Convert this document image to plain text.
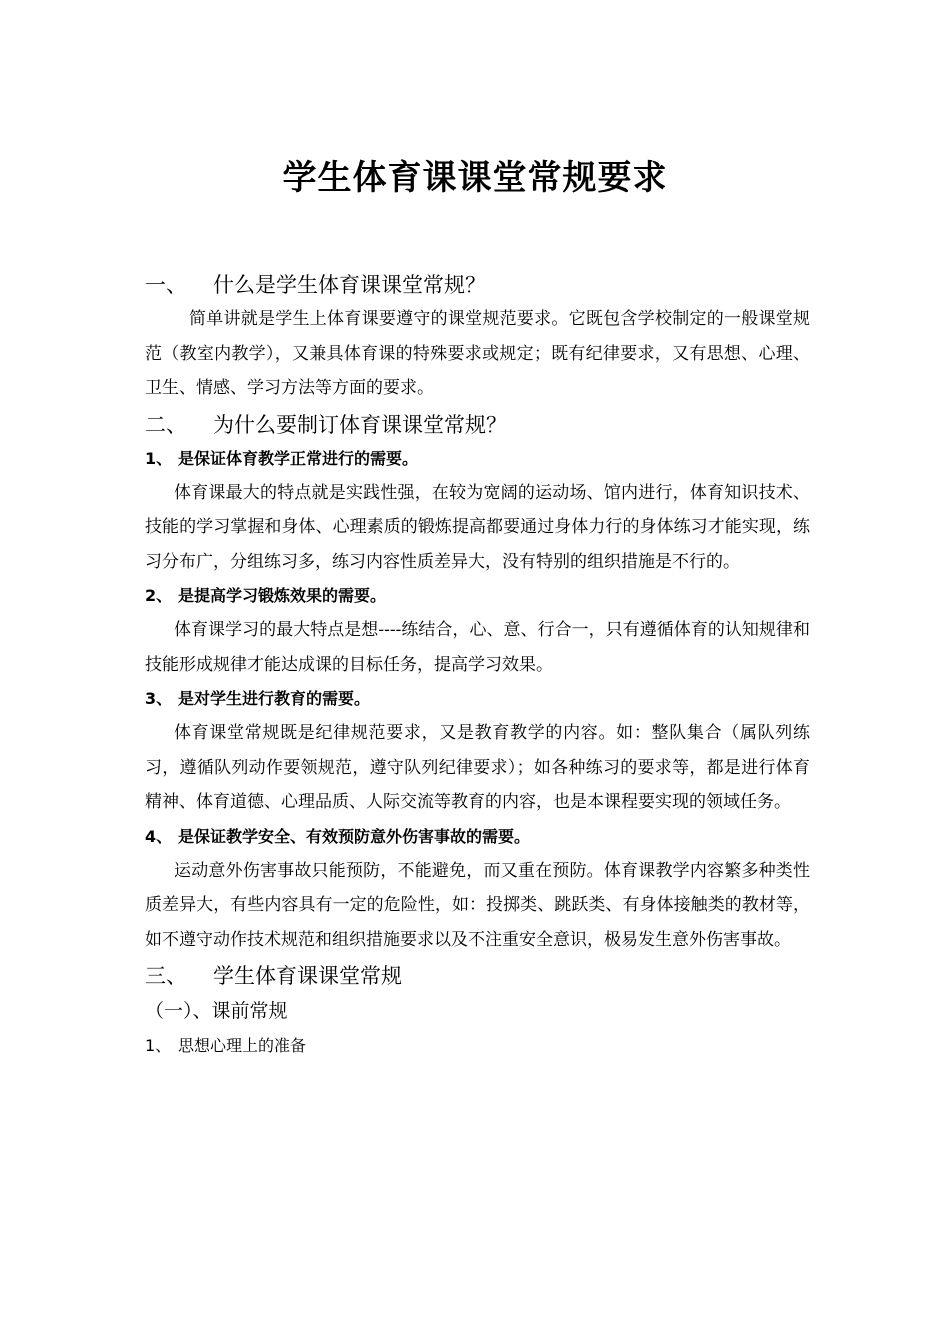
学生体育课课堂常规要求
一、	什么是学生体育课课堂常规？

简单讲就是学生上体育课要遵守的课堂规范要求。它既包含学校制定的一般课堂规范（教室内教学），又兼具体育课的特殊要求或规定；既有纪律要求，又有思想、心理、卫生、情感、学习方法等方面的要求。

二、	为什么要制订体育课课堂常规？
1、 是保证体育教学正常进行的需要。

体育课最大的特点就是实践性强，在较为宽阔的运动场、馆内进行，体育知识技术、技能的学习掌握和身体、心理素质的锻炼提高都要通过身体力行的身体练习才能实现，练习分布广，分组练习多，练习内容性质差异大，没有特别的组织措施是不行的。

2、 是提高学习锻炼效果的需要。

体育课学习的最大特点是想----练结合，心、意、行合一，只有遵循体育的认知规律和技能形成规律才能达成课的目标任务，提高学习效果。

3、 是对学生进行教育的需要。

体育课堂常规既是纪律规范要求，又是教育教学的内容。如：整队集合（属队列练习，遵循队列动作要领规范，遵守队列纪律要求）；如各种练习的要求等，都是进行体育精神、体育道德、心理品质、人际交流等教育的内容，也是本课程要实现的领域任务。

4、 是保证教学安全、有效预防意外伤害事故的需要。

运动意外伤害事故只能预防，不能避免，而又重在预防。体育课教学内容繁多种类性质差异大，有些内容具有一定的危险性，如：投掷类、跳跃类、有身体接触类的教材等，如不遵守动作技术规范和组织措施要求以及不注重安全意识，极易发生意外伤害事故。

三、	学生体育课课堂常规
（一）、课前常规
1、 思想心理上的准备
